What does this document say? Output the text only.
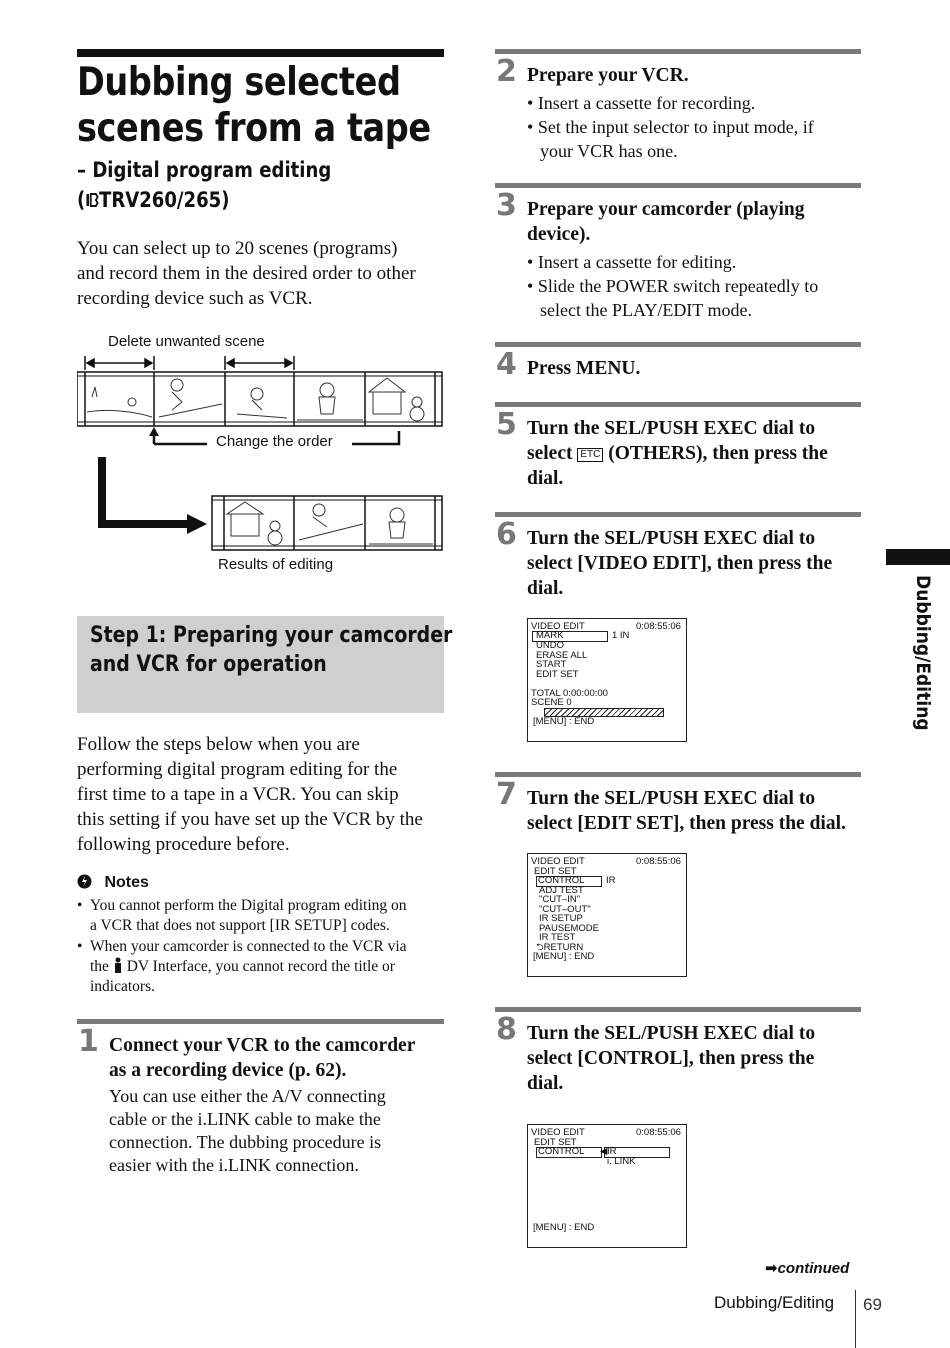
Dubbing selected
scenes from a tape
– Digital program editing
( TRV260/265)
You can select up to 20 scenes (programs)
and record them in the desired order to other
recording device such as VCR.
Delete unwanted scene
Change the order
Results of editing
Step 1: Preparing your camcorder
and VCR for operation
Follow the steps below when you are
performing digital program editing for the
first time to a tape in a VCR. You can skip
this setting if you have set up the VCR by the
following procedure before.
Notes
• You cannot perform the Digital program editing on
a VCR that does not support [IR SETUP] codes.
• When your camcorder is connected to the VCR via
the  DV Interface, you cannot record the title or
indicators.
1 Connect your VCR to the camcorder
as a recording device (p. 62).
You can use either the A/V connecting
cable or the i.LINK cable to make the
connection. The dubbing procedure is
easier with the i.LINK connection.
2 Prepare your VCR.
• Insert a cassette for recording.
• Set the input selector to input mode, if
your VCR has one.
3 Prepare your camcorder (playing
device).
• Insert a cassette for editing.
• Slide the POWER switch repeatedly to
select the PLAY/EDIT mode.
4 Press MENU.
5 Turn the SEL/PUSH EXEC dial to
select ETC (OTHERS), then press the
dial.
6 Turn the SEL/PUSH EXEC dial to
select [VIDEO EDIT], then press the
dial.
VIDEO EDIT	0:08:55:06
MARK	1 IN
UNDO
ERASE ALL
START
EDIT SET
TOTAL 0:00:00:00
SCENE 0
[MENU] : END
7 Turn the SEL/PUSH EXEC dial to
select [EDIT SET], then press the dial.
VIDEO EDIT	0:08:55:06
EDIT SET
CONTROL IR
ADJ TEST
"CUT–IN"
"CUT–OUT"
IR SETUP
PAUSEMODE
IR TEST
⮌RETURN
[MENU] : END
8 Turn the SEL/PUSH EXEC dial to
select [CONTROL], then press the
dial.
VIDEO EDIT	0:08:55:06
EDIT SET
CONTROL ◀ IR
i. LINK
[MENU] : END
Dubbing/Editing
➡continued
Dubbing/Editing 69
